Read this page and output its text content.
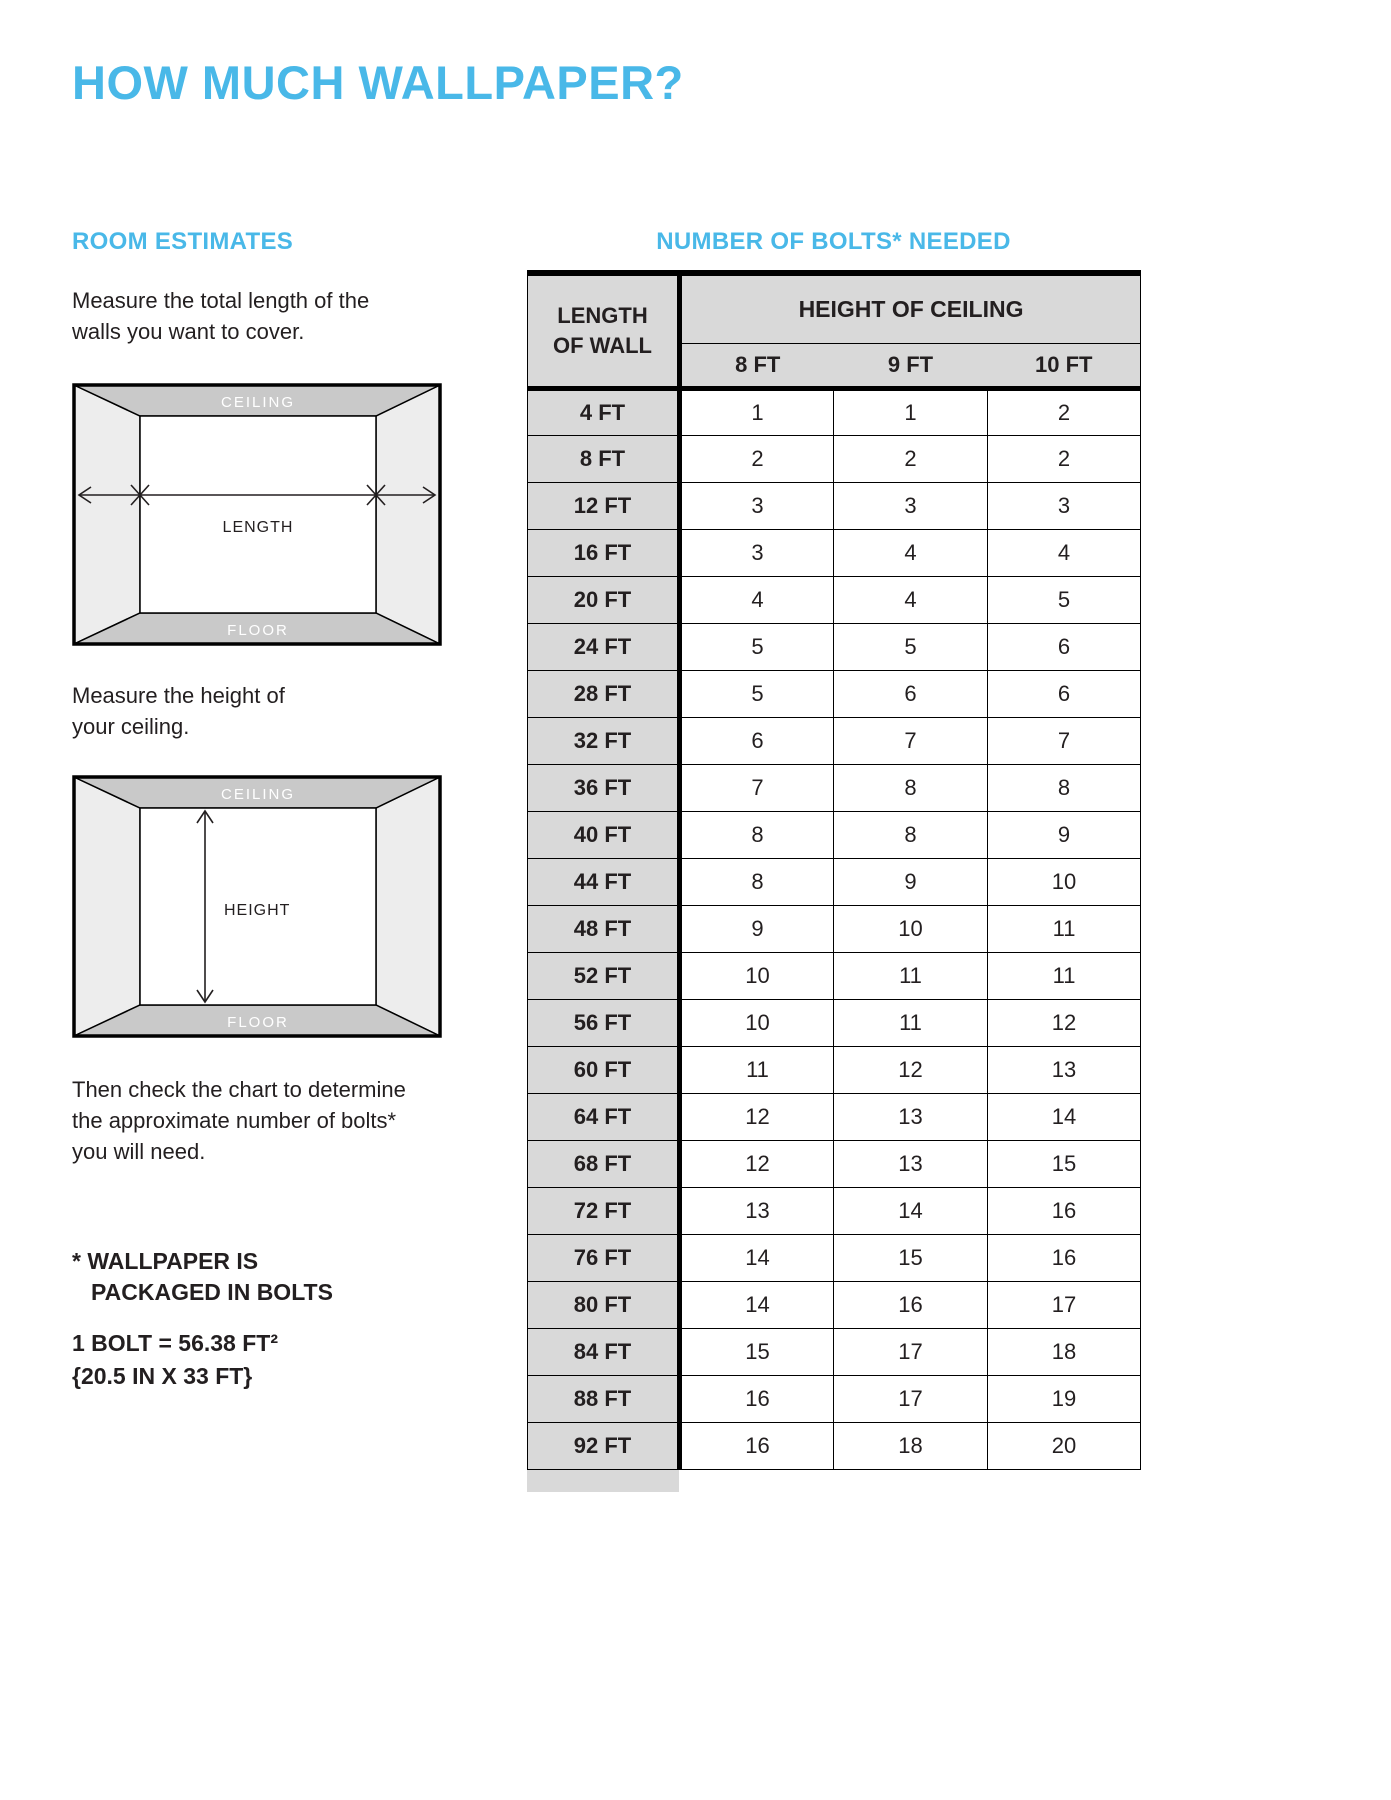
HOW MUCH WALLPAPER?
ROOM ESTIMATES	NUMBER OF BOLTS* NEEDED

Measure the total length of the walls you want to cover.

CEILING
FLOOR
LENGTH

Measure the height of your ceiling.

CEILING
FLOOR
HEIGHT

Then check the chart to determine the approximate number of bolts* you will need.

* WALLPAPER IS
PACKAGED IN BOLTS
1 BOLT = 56.38 FT²
{20.5 IN X 33 FT}
LENGTH OF WALL	HEIGHT OF CEILING		
	8 FT	9 FT	10 FT
4 FT	1	1	2
8 FT	2	2	2
12 FT	3	3	3
16 FT	3	4	4
20 FT	4	4	5
24 FT	5	5	6
28 FT	5	6	6
32 FT	6	7	7
36 FT	7	8	8
40 FT	8	8	9
44 FT	8	9	10
48 FT	9	10	11
52 FT	10	11	11
56 FT	10	11	12
60 FT	11	12	13
64 FT	12	13	14
68 FT	12	13	15
72 FT	13	14	16
76 FT	14	15	16
80 FT	14	16	17
84 FT	15	17	18
88 FT	16	17	19
92 FT	16	18	20
